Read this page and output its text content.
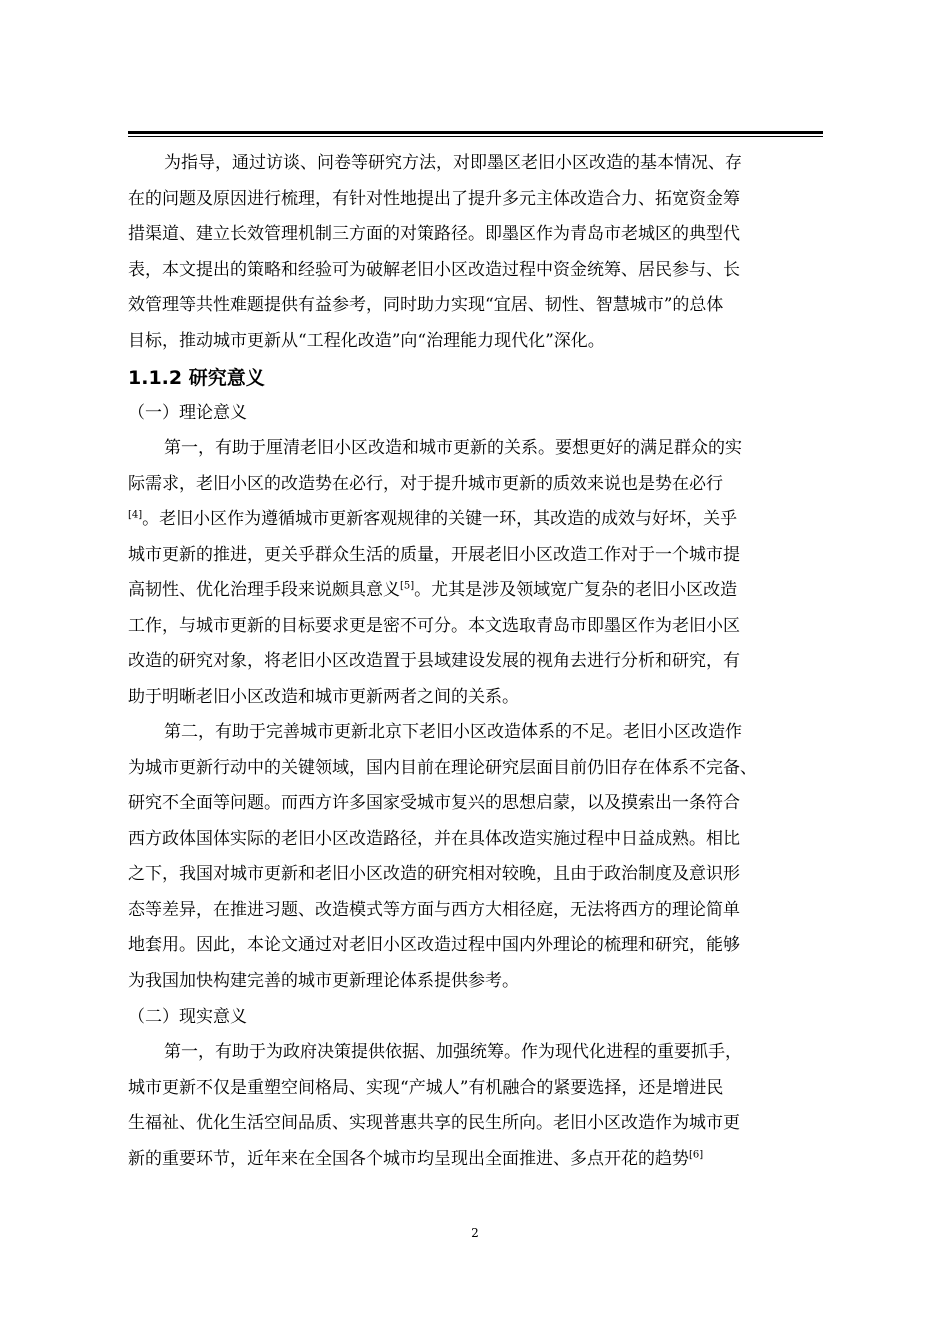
为指导，通过访谈、问卷等研究方法，对即墨区老旧小区改造的基本情况、存
在的问题及原因进行梳理，有针对性地提出了提升多元主体改造合力、拓宽资金筹
措渠道、建立长效管理机制三方面的对策路径。即墨区作为青岛市老城区的典型代
表，本文提出的策略和经验可为破解老旧小区改造过程中资金统筹、居民参与、长
效管理等共性难题提供有益参考，同时助力实现“宜居、韧性、智慧城市”的总体
目标，推动城市更新从“工程化改造”向“治理能力现代化”深化。

1.1.2 研究意义

（一）理论意义

第一，有助于厘清老旧小区改造和城市更新的关系。要想更好的满足群众的实
际需求，老旧小区的改造势在必行，对于提升城市更新的质效来说也是势在必行
[4]。老旧小区作为遵循城市更新客观规律的关键一环，其改造的成效与好坏，关乎
城市更新的推进，更关乎群众生活的质量，开展老旧小区改造工作对于一个城市提
高韧性、优化治理手段来说颇具意义[5]。尤其是涉及领域宽广复杂的老旧小区改造
工作，与城市更新的目标要求更是密不可分。本文选取青岛市即墨区作为老旧小区
改造的研究对象，将老旧小区改造置于县域建设发展的视角去进行分析和研究，有
助于明晰老旧小区改造和城市更新两者之间的关系。

第二，有助于完善城市更新北京下老旧小区改造体系的不足。老旧小区改造作
为城市更新行动中的关键领域，国内目前在理论研究层面目前仍旧存在体系不完备、
研究不全面等问题。而西方许多国家受城市复兴的思想启蒙，以及摸索出一条符合
西方政体国体实际的老旧小区改造路径，并在具体改造实施过程中日益成熟。相比
之下，我国对城市更新和老旧小区改造的研究相对较晚，且由于政治制度及意识形
态等差异，在推进习题、改造模式等方面与西方大相径庭，无法将西方的理论简单
地套用。因此，本论文通过对老旧小区改造过程中国内外理论的梳理和研究，能够
为我国加快构建完善的城市更新理论体系提供参考。

（二）现实意义

第一，有助于为政府决策提供依据、加强统筹。作为现代化进程的重要抓手，
城市更新不仅是重塑空间格局、实现“产城人”有机融合的紧要选择，还是增进民
生福祉、优化生活空间品质、实现普惠共享的民生所向。老旧小区改造作为城市更
新的重要环节，近年来在全国各个城市均呈现出全面推进、多点开花的趋势[6]

2
